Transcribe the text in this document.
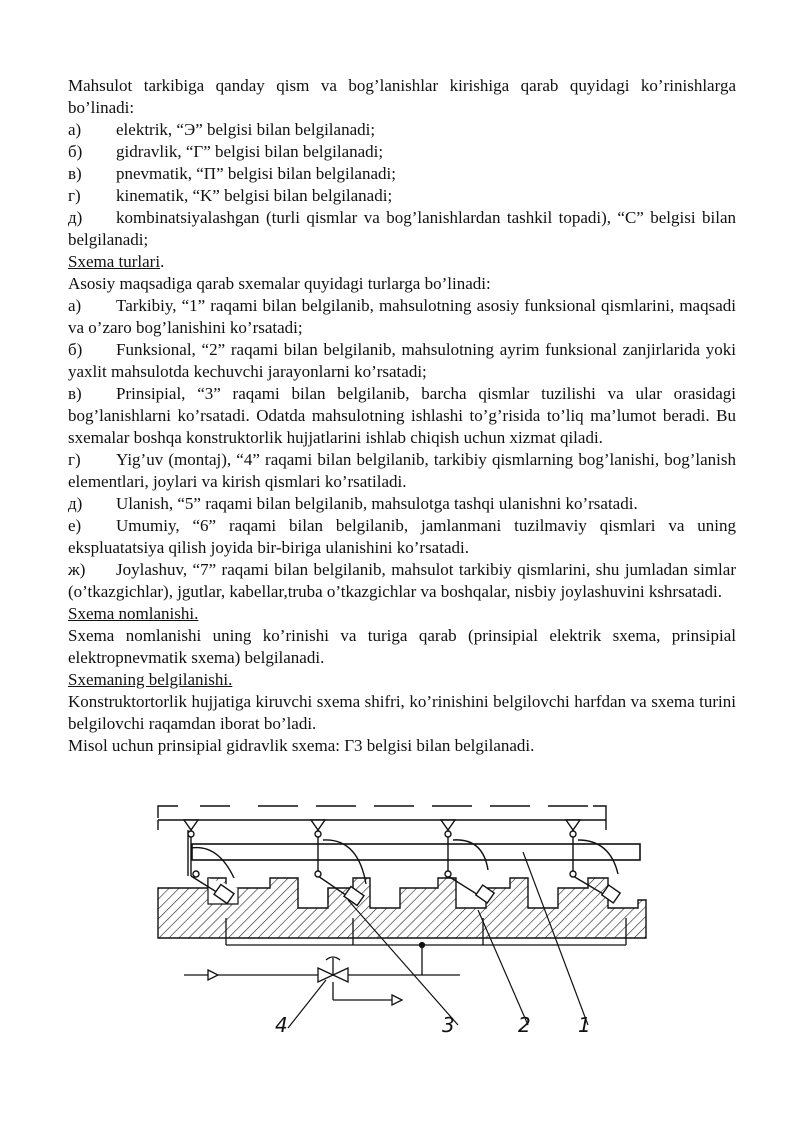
Mahsulot tarkibiga qanday qism va bog’lanishlar kirishiga qarab quyidagi ko’rinishlarga bo’linadi:

а) elektrik, “Э” belgisi bilan belgilanadi;

б) gidravlik, “Г” belgisi bilan belgilanadi;

в) pnevmatik, “П” belgisi bilan belgilanadi;

г) kinematik, “K” belgisi bilan belgilanadi;

д) kombinatsiyalashgan (turli qismlar va bog’lanishlardan tashkil topadi), “С” belgisi bilan belgilanadi;

Sxema turlari.

Asosiy maqsadiga qarab sxemalar quyidagi turlarga bo’linadi:

а) Tarkibiy, “1” raqami bilan belgilanib, mahsulotning asosiy funksional qismlarini, maqsadi va o’zaro bog’lanishini ko’rsatadi;

б) Funksional, “2” raqami bilan belgilanib, mahsulotning ayrim funksional zanjirlarida yoki yaxlit mahsulotda kechuvchi jarayonlarni ko’rsatadi;

в) Prinsipial, “3” raqami bilan belgilanib, barcha qismlar tuzilishi va ular orasidagi bog’lanishlarni ko’rsatadi. Odatda mahsulotning ishlashi to’g’risida to’liq ma’lumot beradi. Bu sxemalar boshqa konstruktorlik hujjatlarini ishlab chiqish uchun xizmat qiladi.

г) Yig’uv (montaj), “4” raqami bilan belgilanib, tarkibiy qismlarning bog’lanishi, bog’lanish elementlari, joylari va kirish qismlari ko’rsatiladi.

д) Ulanish, “5” raqami bilan belgilanib, mahsulotga tashqi ulanishni ko’rsatadi.

е) Umumiy, “6” raqami bilan belgilanib, jamlanmani tuzilmaviy qismlari va uning ekspluatatsiya qilish joyida bir-biriga ulanishini ko’rsatadi.

ж) Joylashuv, “7” raqami bilan belgilanib, mahsulot tarkibiy qismlarini, shu jumladan simlar (o’tkazgichlar), jgutlar, kabellar,truba o’tkazgichlar va boshqalar, nisbiy joylashuvini kshrsatadi.

Sxema nomlanishi.

Sxema nomlanishi uning ko’rinishi va turiga qarab (prinsipial elektrik sxema, prinsipial elektropnevmatik sxema) belgilanadi.

Sxemaning belgilanishi.

Konstruktortorlik hujjatiga kiruvchi sxema shifri, ko’rinishini belgilovchi harfdan va sxema turini belgilovchi raqamdan iborat bo’ladi.

Misol uchun prinsipial gidravlik sxema: Г3 belgisi bilan belgilanadi.

4	3	2 1
